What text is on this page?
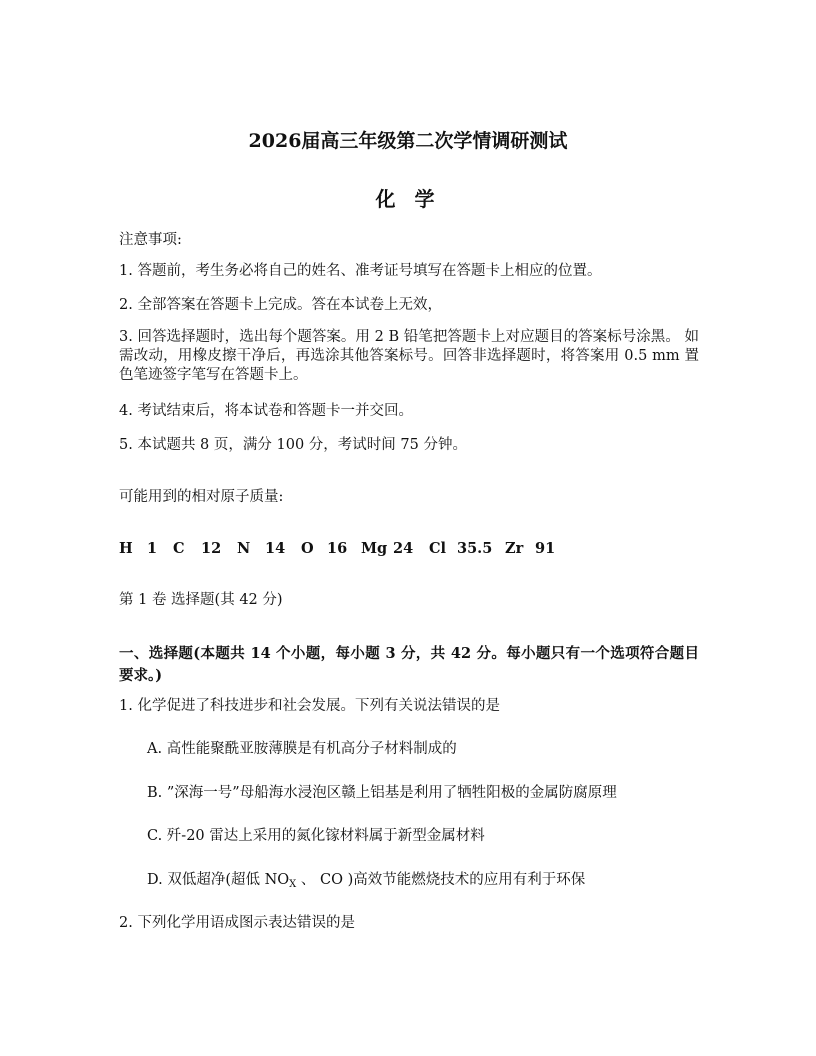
2026届高三年级第二次学情调研测试
化 学
注意事项:
1. 答题前，考生务必将自己的姓名、准考证号填写在答题卡上相应的位置。
2. 全部答案在答题卡上完成。答在本试卷上无效，
3. 回答选择题时，选出每个题答案。用 2 B 铅笔把答题卡上对应题目的答案标号涂黑。 如需改动，用橡皮擦干净后，再选涂其他答案标号。回答非选择题时，将答案用 0.5 mm 置色笔迹签字笔写在答题卡上。
4. 考试结束后，将本试卷和答题卡一并交回。
5. 本试题共 8 页，满分 100 分，考试时间 75 分钟。
可能用到的相对原子质量:
H 1	C	12	N	14	O 16 Mg 24	Cl 35.5 Zr 91
第 1 卷 选择题(其 42 分)
一、选择题(本题共 14 个小题，每小题 3 分，共 42 分。每小题只有一个选项符合题目要求。)
1. 化学促进了科技进步和社会发展。下列有关说法错误的是
A. 高性能聚酰亚胺薄膜是有机高分子材料制成的
B. ”深海一号”母船海水浸泡区赣上铝基是利用了牺牲阳极的金属防腐原理
C. 歼-20 雷达上采用的氮化镓材料属于新型金属材料
D. 双低超净(超低 $NO_X$ 、 CO )高效节能燃烧技术的应用有利于环保
2. 下列化学用语成图示表达错误的是
